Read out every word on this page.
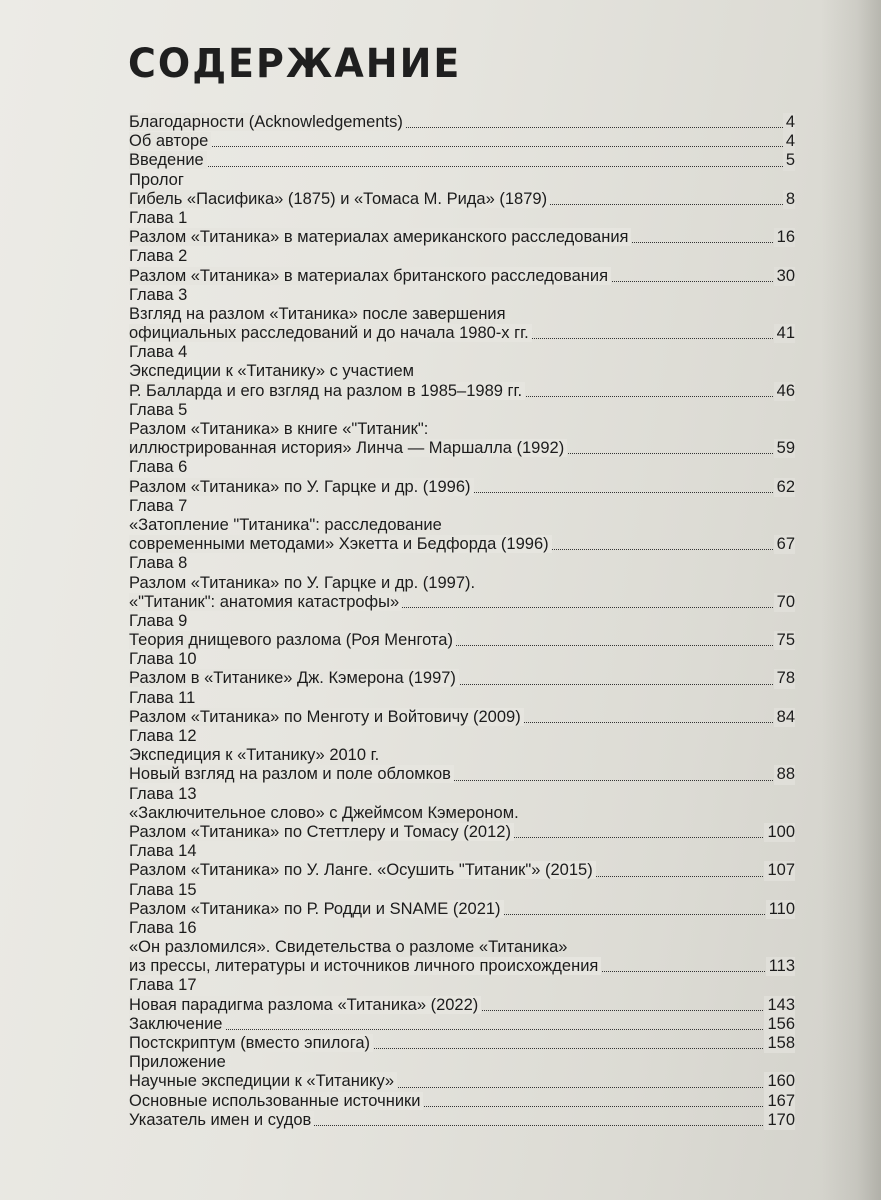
СОДЕРЖАНИЕ
Благодарности (Acknowledgements)	4
Об авторе	4
Введение	5
Пролог
Гибель «Пасифика» (1875) и «Томаса М. Рида» (1879)	8
Глава 1
Разлом «Титаника» в материалах американского расследования	16
Глава 2
Разлом «Титаника» в материалах британского расследования	30
Глава 3
Взгляд на разлом «Титаника» после завершения
официальных расследований и до начала 1980-х гг.	41
Глава 4
Экспедиции к «Титанику» с участием
Р. Балларда и его взгляд на разлом в 1985–1989 гг.	46
Глава 5
Разлом «Титаника» в книге «"Титаник":
иллюстрированная история» Линча — Маршалла (1992)	59
Глава 6
Разлом «Титаника» по У. Гарцке и др. (1996)	62
Глава 7
«Затопление "Титаника": расследование
современными методами» Хэкетта и Бедфорда (1996)	67
Глава 8
Разлом «Титаника» по У. Гарцке и др. (1997).
«"Титаник": анатомия катастрофы»	70
Глава 9
Теория днищевого разлома (Роя Менгота)	75
Глава 10
Разлом в «Титанике» Дж. Кэмерона (1997)	78
Глава 11
Разлом «Титаника» по Менготу и Войтовичу (2009)	84
Глава 12
Экспедиция к «Титанику» 2010 г.
Новый взгляд на разлом и поле обломков	88
Глава 13
«Заключительное слово» с Джеймсом Кэмероном.
Разлом «Титаника» по Стеттлеру и Томасу (2012)	100
Глава 14
Разлом «Титаника» по У. Ланге. «Осушить "Титаник"» (2015)	107
Глава 15
Разлом «Титаника» по Р. Родди и SNAME (2021)	110
Глава 16
«Он разломился». Свидетельства о разломе «Титаника»
из прессы, литературы и источников личного происхождения	113
Глава 17
Новая парадигма разлома «Титаника» (2022)	143
Заключение	156
Постскриптум (вместо эпилога)	158
Приложение
Научные экспедиции к «Титанику»	160
Основные использованные источники	167
Указатель имен и судов	170
